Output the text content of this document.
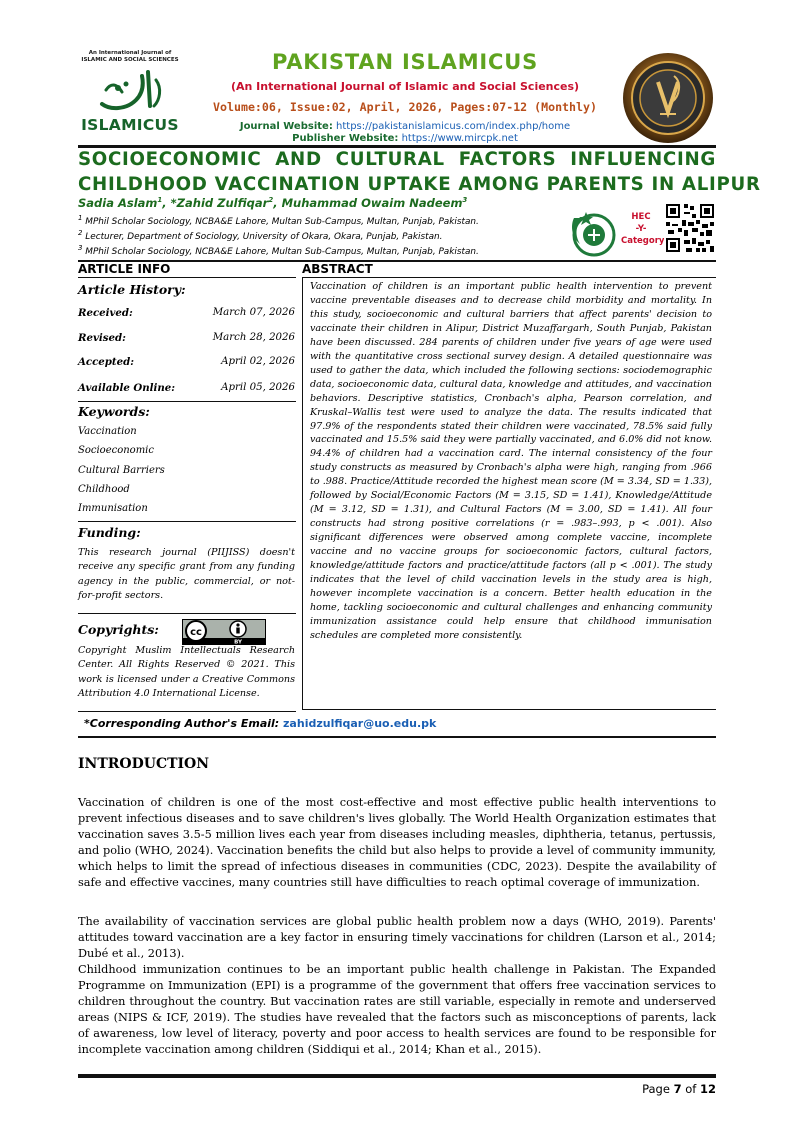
An International Journal of ISLAMIC AND SOCIAL SCIENCES
ISLAMICUS
PAKISTAN ISLAMICUS
(An International Journal of Islamic and Social Sciences)
Volume:06, Issue:02, April, 2026, Pages:07-12 (Monthly)
Journal Website: https://pakistanislamicus.com/index.php/home
Publisher Website: https://www.mircpk.net
SOCIOECONOMIC AND CULTURAL FACTORS INFLUENCING
CHILDHOOD VACCINATION UPTAKE AMONG PARENTS IN ALIPUR
Sadia Aslam$^1$, *Zahid Zulfiqar$^2$, Muhammad Owaim Nadeem$^3$
$^1$ MPhil Scholar Sociology, NCBA&E Lahore, Multan Sub-Campus, Multan, Punjab, Pakistan.
$^2$ Lecturer, Department of Sociology, University of Okara, Okara, Punjab, Pakistan.
$^3$ MPhil Scholar Sociology, NCBA&E Lahore, Multan Sub-Campus, Multan, Punjab, Pakistan.
HEC
-Y-
Category
ARTICLE INFO	ABSTRACT
Article History:
Received:	March 07, 2026
Revised:	March 28, 2026
Accepted:	April 02, 2026
Available Online:	April 05, 2026
Keywords:
Vaccination
Socioeconomic
Cultural Barriers
Childhood
Immunisation
Funding:
This research journal (PIIJISS) doesn't receive any specific grant from any funding agency in the public, commercial, or not-for-profit sectors.
Copyrights:	cc
BY
Copyright Muslim Intellectuals Research Center. All Rights Reserved © 2021. This work is licensed under a Creative Commons Attribution 4.0 International License.
Vaccination of children is an important public health intervention to prevent vaccine preventable diseases and to decrease child morbidity and mortality. In this study, socioeconomic and cultural barriers that affect parents' decision to vaccinate their children in Alipur, District Muzaffargarh, South Punjab, Pakistan have been discussed. 284 parents of children under five years of age were used with the quantitative cross sectional survey design. A detailed questionnaire was used to gather the data, which included the following sections: sociodemographic data, socioeconomic data, cultural data, knowledge and attitudes, and vaccination behaviors. Descriptive statistics, Cronbach's alpha, Pearson correlation, and Kruskal–Wallis test were used to analyze the data. The results indicated that 97.9% of the respondents stated their children were vaccinated, 78.5% said fully vaccinated and 15.5% said they were partially vaccinated, and 6.0% did not know. 94.4% of children had a vaccination card. The internal consistency of the four study constructs as measured by Cronbach's alpha were high, ranging from .966 to .988. Practice/Attitude recorded the highest mean score (M = 3.34, SD = 1.33), followed by Social/Economic Factors (M = 3.15, SD = 1.41), Knowledge/Attitude (M = 3.12, SD = 1.31), and Cultural Factors (M = 3.00, SD = 1.41). All four constructs had strong positive correlations (r = .983–.993, p < .001). Also significant differences were observed among complete vaccine, incomplete vaccine and no vaccine groups for socioeconomic factors, cultural factors, knowledge/attitude factors and practice/attitude factors (all p < .001). The study indicates that the level of child vaccination levels in the study area is high, however incomplete vaccination is a concern. Better health education in the home, tackling socioeconomic and cultural challenges and enhancing community immunization assistance could help ensure that childhood immunisation schedules are completed more consistently.
*Corresponding Author's Email: zahidzulfiqar@uo.edu.pk
INTRODUCTION
Vaccination of children is one of the most cost-effective and most effective public health interventions to prevent infectious diseases and to save children's lives globally. The World Health Organization estimates that vaccination saves 3.5-5 million lives each year from diseases including measles, diphtheria, tetanus, pertussis, and polio (WHO, 2024). Vaccination benefits the child but also helps to provide a level of community immunity, which helps to limit the spread of infectious diseases in communities (CDC, 2023). Despite the availability of safe and effective vaccines, many countries still have difficulties to reach optimal coverage of immunization.
The availability of vaccination services are global public health problem now a days (WHO, 2019). Parents' attitudes toward vaccination are a key factor in ensuring timely vaccinations for children (Larson et al., 2014; Dubé et al., 2013).
Childhood immunization continues to be an important public health challenge in Pakistan. The Expanded Programme on Immunization (EPI) is a programme of the government that offers free vaccination services to children throughout the country. But vaccination rates are still variable, especially in remote and underserved areas (NIPS & ICF, 2019). The studies have revealed that the factors such as misconceptions of parents, lack of awareness, low level of literacy, poverty and poor access to health services are found to be responsible for incomplete vaccination among children (Siddiqui et al., 2014; Khan et al., 2015).
Page 7 of 12
